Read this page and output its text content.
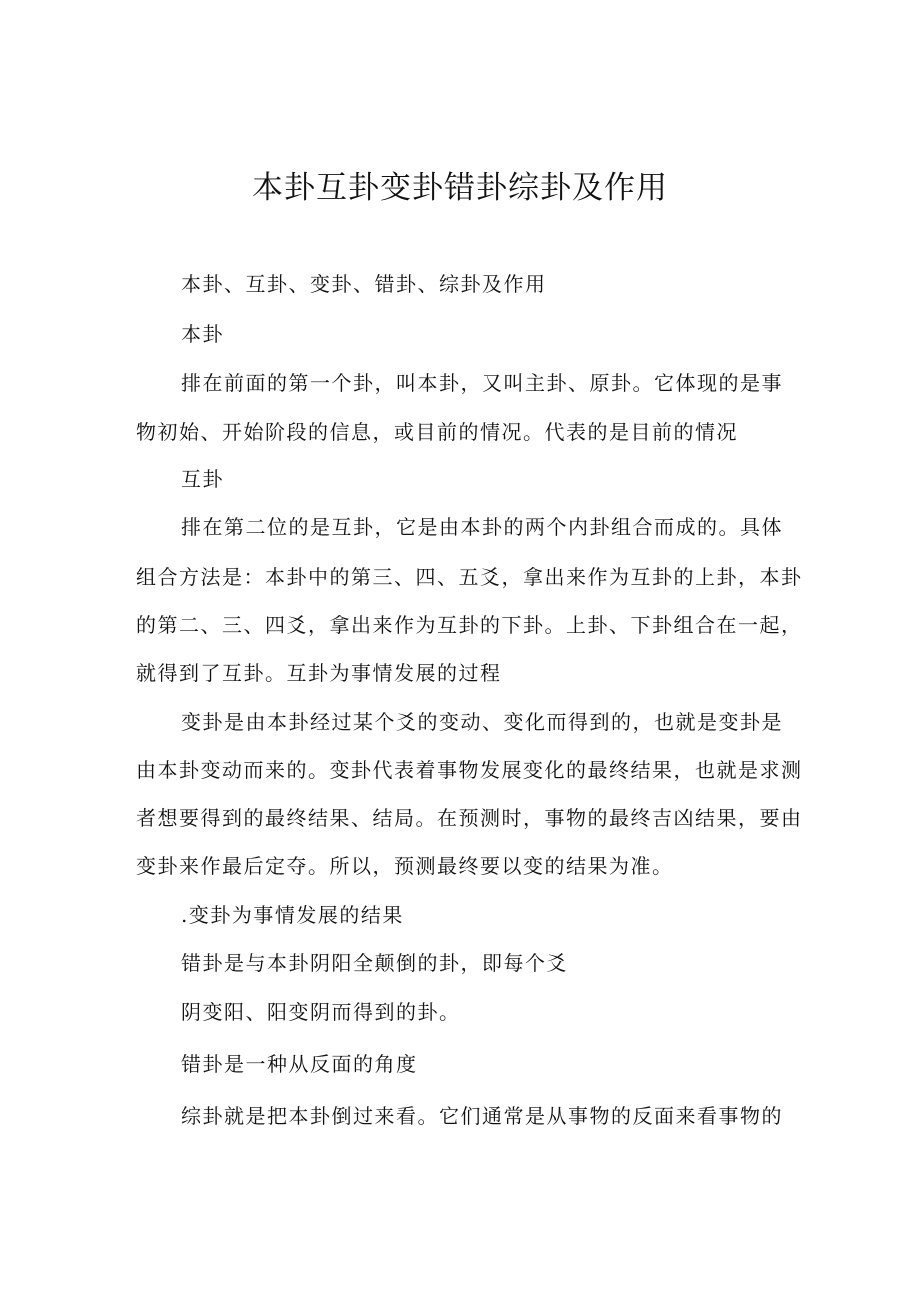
本卦互卦变卦错卦综卦及作用

本卦、互卦、变卦、错卦、综卦及作用

本卦

排在前面的第一个卦，叫本卦，又叫主卦、原卦。它体现的是事

物初始、开始阶段的信息，或目前的情况。代表的是目前的情况

互卦

排在第二位的是互卦，它是由本卦的两个内卦组合而成的。具体

组合方法是：本卦中的第三、四、五爻，拿出来作为互卦的上卦，本卦

的第二、三、四爻，拿出来作为互卦的下卦。上卦、下卦组合在一起，

就得到了互卦。互卦为事情发展的过程

变卦是由本卦经过某个爻的变动、变化而得到的，也就是变卦是

由本卦变动而来的。变卦代表着事物发展变化的最终结果，也就是求测

者想要得到的最终结果、结局。在预测时，事物的最终吉凶结果，要由

变卦来作最后定夺。所以，预测最终要以变的结果为准。

.变卦为事情发展的结果

错卦是与本卦阴阳全颠倒的卦，即每个爻

阴变阳、阳变阴而得到的卦。

错卦是一种从反面的角度

综卦就是把本卦倒过来看。它们通常是从事物的反面来看事物的
